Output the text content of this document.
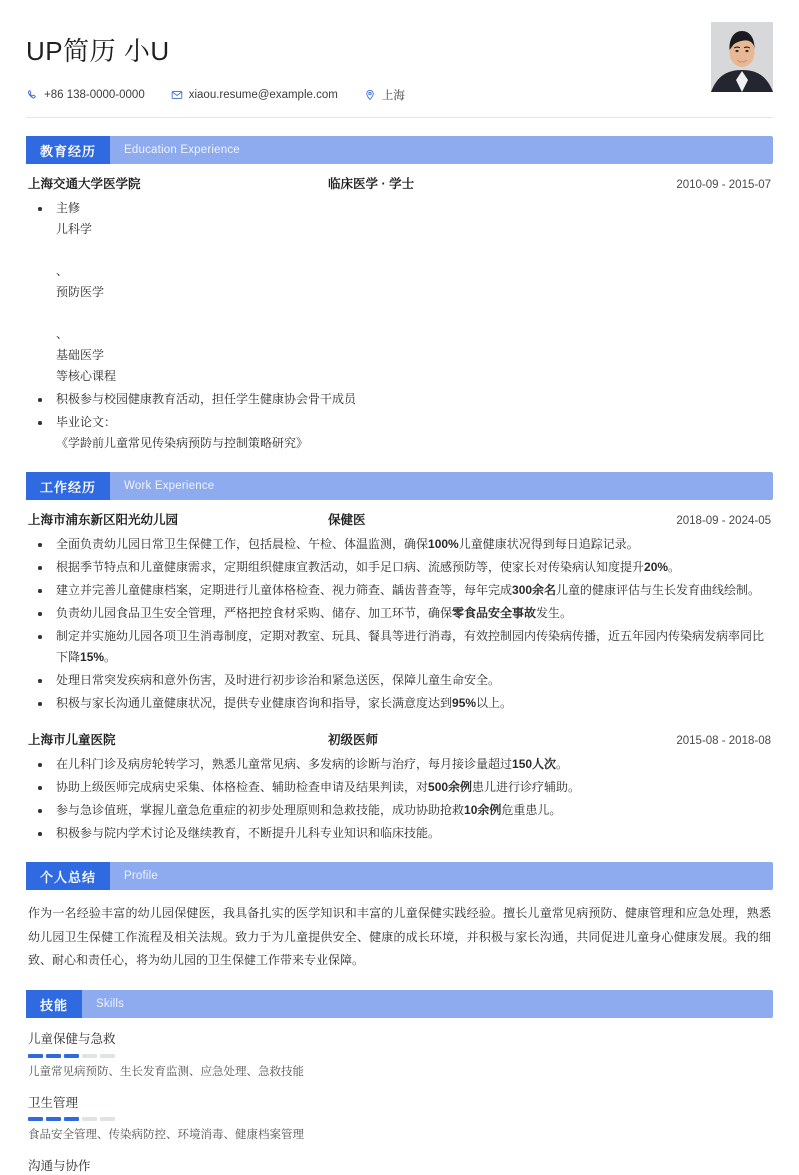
UP简历 小U
+86 138-0000-0000	xiaou.resume@example.com	上海
教育经历	Education Experience
上海交通大学医学院	临床医学 · 学士	2010-09 - 2015-07
主修
儿科学

、
预防医学

、
基础医学
等核心课程
积极参与校园健康教育活动，担任学生健康协会骨干成员
毕业论文：
《学龄前儿童常见传染病预防与控制策略研究》
工作经历	Work Experience
上海市浦东新区阳光幼儿园	保健医	2018-09 - 2024-05
全面负责幼儿园日常卫生保健工作，包括晨检、午检、体温监测，确保100%儿童健康状况得到每日追踪记录。
根据季节特点和儿童健康需求，定期组织健康宣教活动，如手足口病、流感预防等，使家长对传染病认知度提升20%。
建立并完善儿童健康档案，定期进行儿童体格检查、视力筛查、龋齿普查等，每年完成300余名儿童的健康评估与生长发育曲线绘制。
负责幼儿园食品卫生安全管理，严格把控食材采购、储存、加工环节，确保零食品安全事故发生。
制定并实施幼儿园各项卫生消毒制度，定期对教室、玩具、餐具等进行消毒，有效控制园内传染病传播，近五年园内传染病发病率同比下降15%。
处理日常突发疾病和意外伤害，及时进行初步诊治和紧急送医，保障儿童生命安全。
积极与家长沟通儿童健康状况，提供专业健康咨询和指导，家长满意度达到95%以上。
上海市儿童医院	初级医师	2015-08 - 2018-08
在儿科门诊及病房轮转学习，熟悉儿童常见病、多发病的诊断与治疗，每月接诊量超过150人次。
协助上级医师完成病史采集、体格检查、辅助检查申请及结果判读，对500余例患儿进行诊疗辅助。
参与急诊值班，掌握儿童急危重症的初步处理原则和急救技能，成功协助抢救10余例危重患儿。
积极参与院内学术讨论及继续教育，不断提升儿科专业知识和临床技能。
个人总结	Profile
作为一名经验丰富的幼儿园保健医，我具备扎实的医学知识和丰富的儿童保健实践经验。擅长儿童常见病预防、健康管理和应急处理，熟悉幼儿园卫生保健工作流程及相关法规。致力于为儿童提供安全、健康的成长环境，并积极与家长沟通，共同促进儿童身心健康发展。我的细致、耐心和责任心，将为幼儿园的卫生保健工作带来专业保障。
技能	Skills
儿童保健与急救
儿童常见病预防、生长发育监测、应急处理、急救技能
卫生管理
食品安全管理、传染病防控、环境消毒、健康档案管理
沟通与协作
